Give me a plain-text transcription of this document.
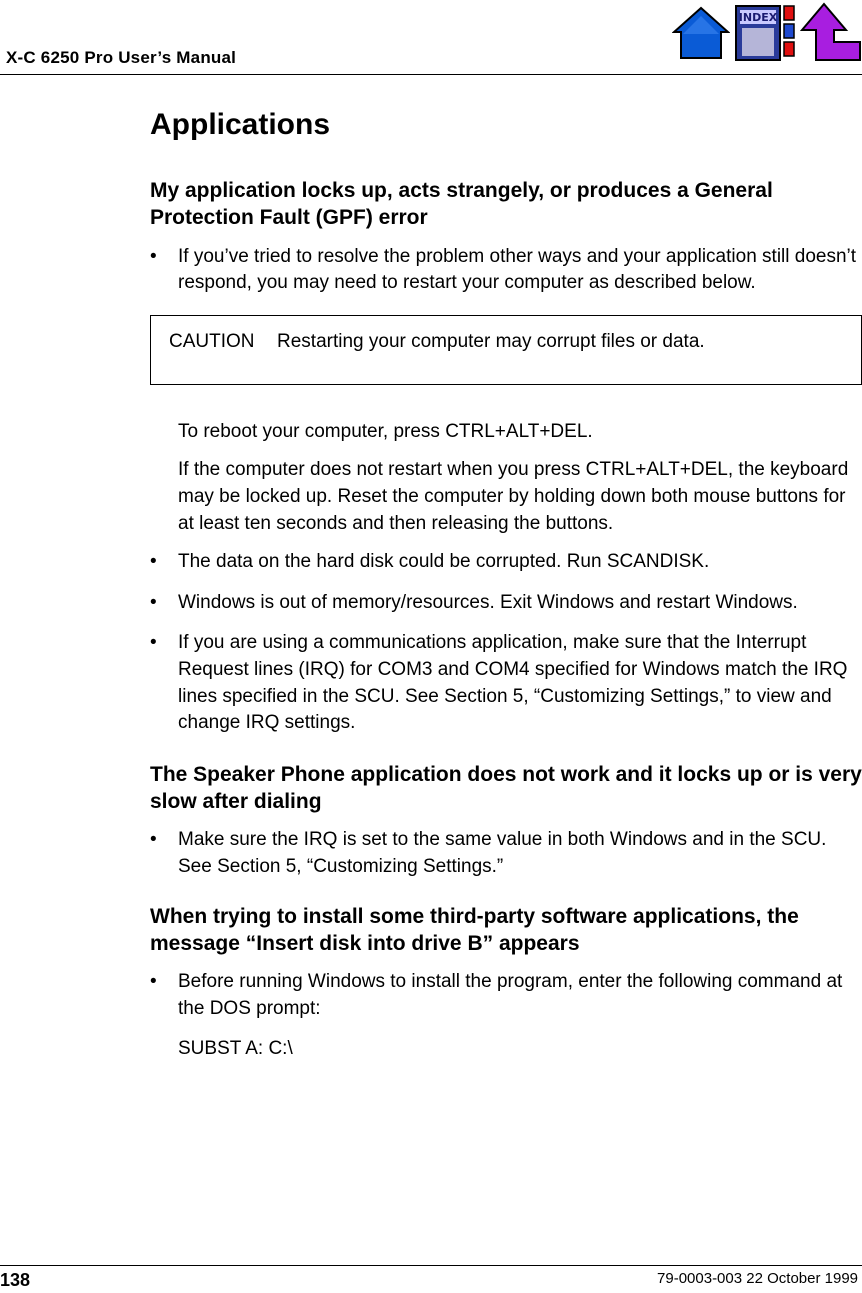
X-C 6250 Pro User’s Manual
INDEX
Applications
My application locks up, acts strangely, or produces a General Protection Fault (GPF) error
• If you’ve tried to resolve the problem other ways and your application still doesn’t respond, you may need to restart your computer as described below.
CAUTION Restarting your computer may corrupt files or data.
To reboot your computer, press CTRL+ALT+DEL.
If the computer does not restart when you press CTRL+ALT+DEL, the keyboard may be locked up. Reset the computer by holding down both mouse buttons for at least ten seconds and then releasing the buttons.
• The data on the hard disk could be corrupted. Run SCANDISK.
• Windows is out of memory/resources. Exit Windows and restart Windows.
• If you are using a communications application, make sure that the Interrupt Request lines (IRQ) for COM3 and COM4 specified for Windows match the IRQ lines specified in the SCU. See Section 5, “Customizing Settings,” to view and change IRQ settings.
The Speaker Phone application does not work and it locks up or is very slow after dialing
• Make sure the IRQ is set to the same value in both Windows and in the SCU. See Section 5, “Customizing Settings.”
When trying to install some third-party software applications, the message “Insert disk into drive B” appears
• Before running Windows to install the program, enter the following command at the DOS prompt:
SUBST A: C:\
138	79-0003-003 22 October 1999
